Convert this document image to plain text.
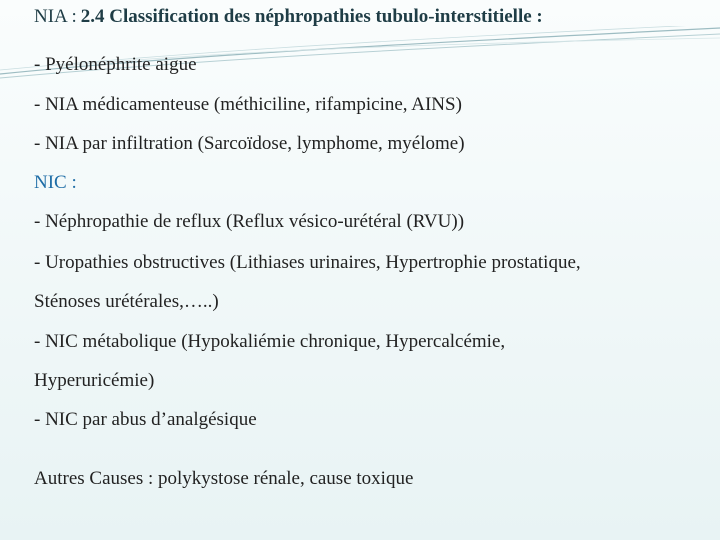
NIA : 2.4 Classification des néphropathies tubulo-interstitielle :
- Pyélonéphrite aigue
- NIA médicamenteuse (méthiciline, rifampicine, AINS)
- NIA par infiltration (Sarcoïdose, lymphome, myélome)
NIC :
- Néphropathie de reflux (Reflux vésico-urétéral (RVU))
- Uropathies obstructives (Lithiases urinaires, Hypertrophie prostatique,
Sténoses urétérales,…..)
- NIC métabolique (Hypokaliémie chronique, Hypercalcémie,
Hyperuricémie)
- NIC par abus d’analgésique
Autres Causes : polykystose rénale, cause toxique
